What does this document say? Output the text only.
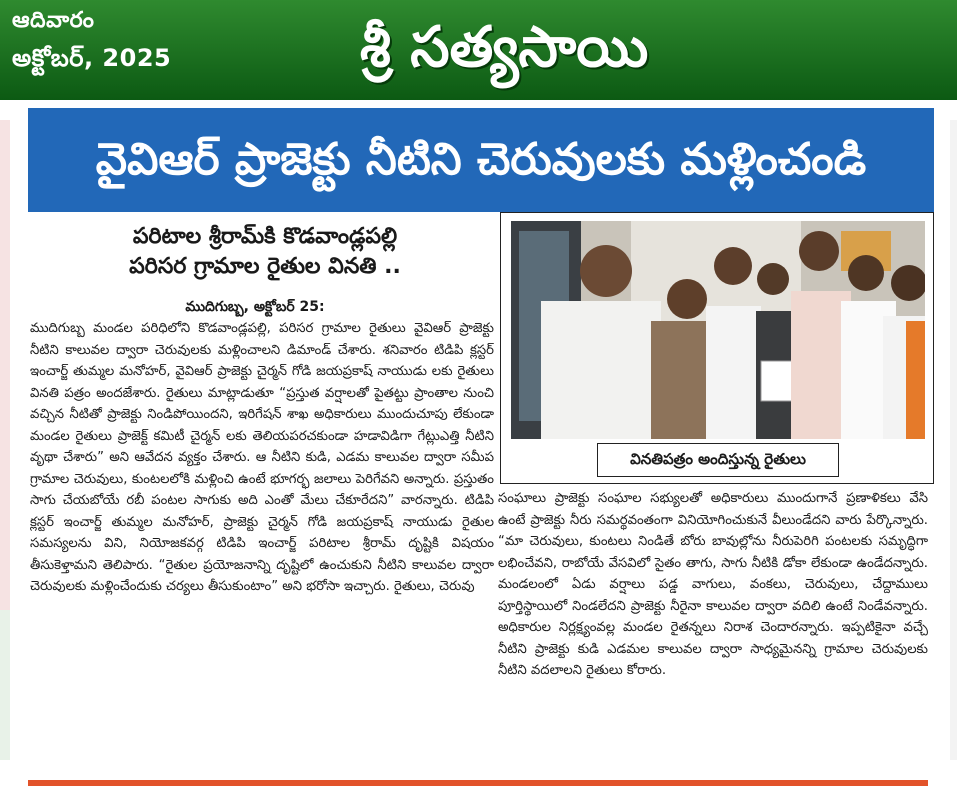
ఆదివారం
అక్టోబర్, 2025	శ్రీ సత్యసాయి
వైవిఆర్ ప్రాజెక్టు నీటిని చెరువులకు మళ్లించండి
పరిటాల శ్రీరామ్‌కి కొడవాండ్లపల్లి
పరిసర గ్రామాల రైతుల వినతి ..
ముదిగుబ్బ, అక్టోబర్ 25:

ముదిగుబ్బ మండల పరిధిలోని కొడవాండ్లపల్లి, పరిసర గ్రామాల రైతులు వైవిఆర్ ప్రాజెక్టు నీటిని కాలువల ద్వారా చెరువులకు మళ్లించాలని డిమాండ్ చేశారు. శనివారం టిడిపి క్లస్టర్ ఇంచార్జ్ తుమ్మల మనోహర్, వైవిఆర్ ప్రాజెక్టు చైర్మన్ గోడి జయప్రకాష్ నాయుడు లకు రైతులు వినతి పత్రం అందజేశారు. రైతులు మాట్లాడుతూ “ప్రస్తుత వర్షాలతో పైతట్టు ప్రాంతాల నుంచి వచ్చిన నీటితో ప్రాజెక్టు నిండిపోయిందని, ఇరిగేషన్ శాఖ అధికారులు ముందుచూపు లేకుండా మండల రైతులు ప్రాజెక్ట్ కమిటీ చైర్మన్ లకు తెలియపరచకుండా హడావిడిగా గేట్లుఎత్తి నీటిని వృథా చేశారు” అని ఆవేదన వ్యక్తం చేశారు. ఆ నీటిని కుడి, ఎడమ కాలువల ద్వారా సమీప గ్రామాల చెరువులు, కుంటలలోకి మళ్లించి ఉంటే భూగర్భ జలాలు పెరిగేవని అన్నారు. ప్రస్తుతం సాగు చేయబోయే రబీ పంటల సాగుకు అది ఎంతో మేలు చేకూరేదని” వారన్నారు. టిడిపి క్లస్టర్ ఇంచార్జ్ తుమ్మల మనోహర్, ప్రాజెక్టు చైర్మన్ గోడి జయప్రకాష్ నాయుడు రైతుల సమస్యలను విని, నియోజకవర్గ టిడిపి ఇంచార్జ్ పరిటాల శ్రీరామ్ దృష్టికి విషయం తీసుకెళ్తామని తెలిపారు. “రైతుల ప్రయోజనాన్ని దృష్టిలో ఉంచుకుని నీటిని కాలువల ద్వారా చెరువులకు మళ్లించేందుకు చర్యలు తీసుకుంటాం” అని భరోసా ఇచ్చారు. రైతులు, చెరువు

వినతిపత్రం అందిస్తున్న రైతులు

సంఘాలు ప్రాజెక్టు సంఘాల సభ్యులతో అధికారులు ముందుగానే ప్రణాళికలు వేసి ఉంటే ప్రాజెక్టు నీరు సమర్థవంతంగా వినియోగించుకునే వీలుండేదని వారు పేర్కొన్నారు. “మా చెరువులు, కుంటలు నిండితే బోరు బావుల్లోను నీరుపెరిగి పంటలకు సమృద్ధిగా లభించేవని, రాబోయే వేసవిలో సైతం తాగు, సాగు నీటికి డోకా లేకుండా ఉండేదన్నారు. మండలంలో ఏడు వర్షాలు పడ్డ వాగులు, వంకలు, చెరువులు, చేద్దాములు పూర్తిస్థాయిలో నిండలేదని ప్రాజెక్టు నీరైనా కాలువల ద్వారా వదిలి ఉంటే నిండేవన్నారు. అధికారుల నిర్లక్ష్యంవల్ల మండల రైతన్నలు నిరాశ చెందారన్నారు. ఇప్పటికైనా వచ్చే నీటిని ప్రాజెక్టు కుడి ఎడమల కాలువల ద్వారా సాధ్యమైనన్ని గ్రామాల చెరువులకు నీటిని వదలాలని రైతులు కోరారు.
